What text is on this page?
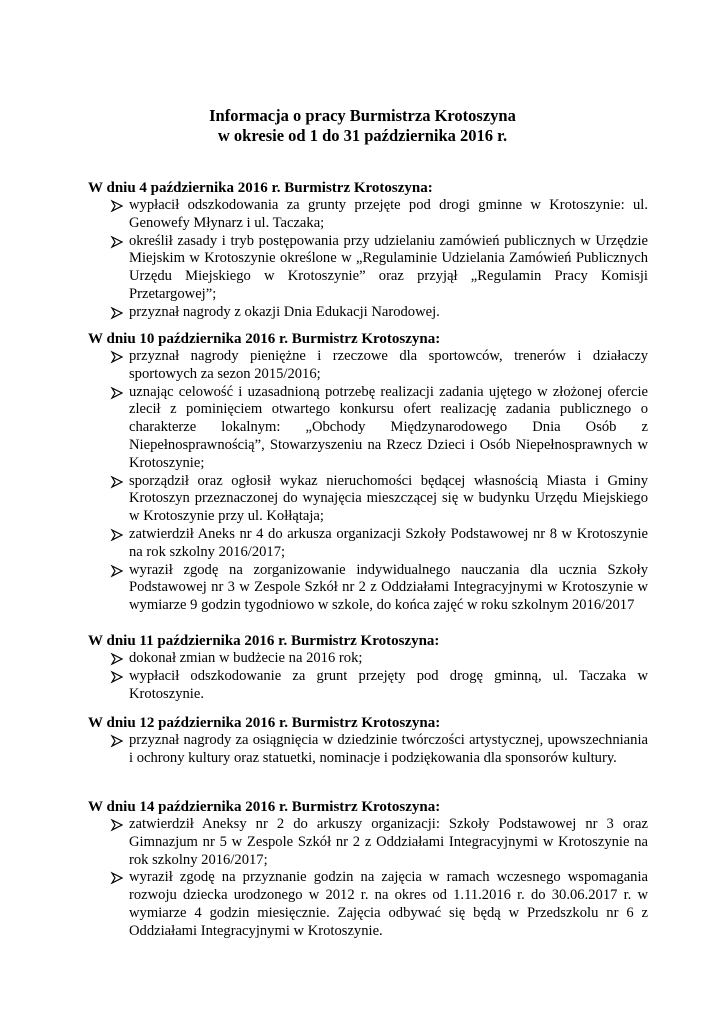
Informacja o pracy Burmistrza Krotoszyna
w okresie od 1 do 31 października 2016 r.
W dniu 4 października 2016 r. Burmistrz Krotoszyna:
wypłacił odszkodowania za grunty przejęte pod drogi gminne w Krotoszynie: ul. Genowefy Młynarz i ul. Taczaka;
określił zasady i tryb postępowania przy udzielaniu zamówień publicznych w Urzędzie Miejskim w Krotoszynie określone w „Regulaminie Udzielania Zamówień Publicznych Urzędu Miejskiego w Krotoszynie” oraz przyjął „Regulamin Pracy Komisji Przetargowej”;
przyznał nagrody z okazji Dnia Edukacji Narodowej.
W dniu 10 października 2016 r. Burmistrz Krotoszyna:
przyznał nagrody pieniężne i rzeczowe dla sportowców, trenerów i działaczy sportowych za sezon 2015/2016;
uznając celowość i uzasadnioną potrzebę realizacji zadania ujętego w złożonej ofercie zlecił z pominięciem otwartego konkursu ofert realizację zadania publicznego o charakterze lokalnym: „Obchody Międzynarodowego Dnia Osób z Niepełnosprawnością”, Stowarzyszeniu na Rzecz Dzieci i Osób Niepełnosprawnych w Krotoszynie;
sporządził oraz ogłosił wykaz nieruchomości będącej własnością Miasta i Gminy Krotoszyn przeznaczonej do wynajęcia mieszczącej się w budynku Urzędu Miejskiego w Krotoszynie przy ul. Kołłątaja;
zatwierdził Aneks nr 4 do arkusza organizacji Szkoły Podstawowej nr 8 w Krotoszynie na rok szkolny 2016/2017;
wyraził zgodę na zorganizowanie indywidualnego nauczania dla ucznia Szkoły Podstawowej nr 3 w Zespole Szkół nr 2 z Oddziałami Integracyjnymi w Krotoszynie w wymiarze 9 godzin tygodniowo w szkole, do końca zajęć w roku szkolnym 2016/2017
W dniu 11 października 2016 r. Burmistrz Krotoszyna:
dokonał zmian w budżecie na 2016 rok;
wypłacił odszkodowanie za grunt przejęty pod drogę gminną, ul. Taczaka w Krotoszynie.
W dniu 12 października 2016 r. Burmistrz Krotoszyna:
przyznał nagrody za osiągnięcia w dziedzinie twórczości artystycznej, upowszechniania i ochrony kultury oraz statuetki, nominacje i podziękowania dla sponsorów kultury.
W dniu 14 października 2016 r. Burmistrz Krotoszyna:
zatwierdził Aneksy nr 2 do arkuszy organizacji: Szkoły Podstawowej nr 3 oraz Gimnazjum nr 5 w Zespole Szkół nr 2 z Oddziałami Integracyjnymi w Krotoszynie na rok szkolny 2016/2017;
wyraził zgodę na przyznanie godzin na zajęcia w ramach wczesnego wspomagania rozwoju dziecka urodzonego w 2012 r. na okres od 1.11.2016 r. do 30.06.2017 r. w wymiarze 4 godzin miesięcznie. Zajęcia odbywać się będą w Przedszkolu nr 6 z Oddziałami Integracyjnymi w Krotoszynie.
